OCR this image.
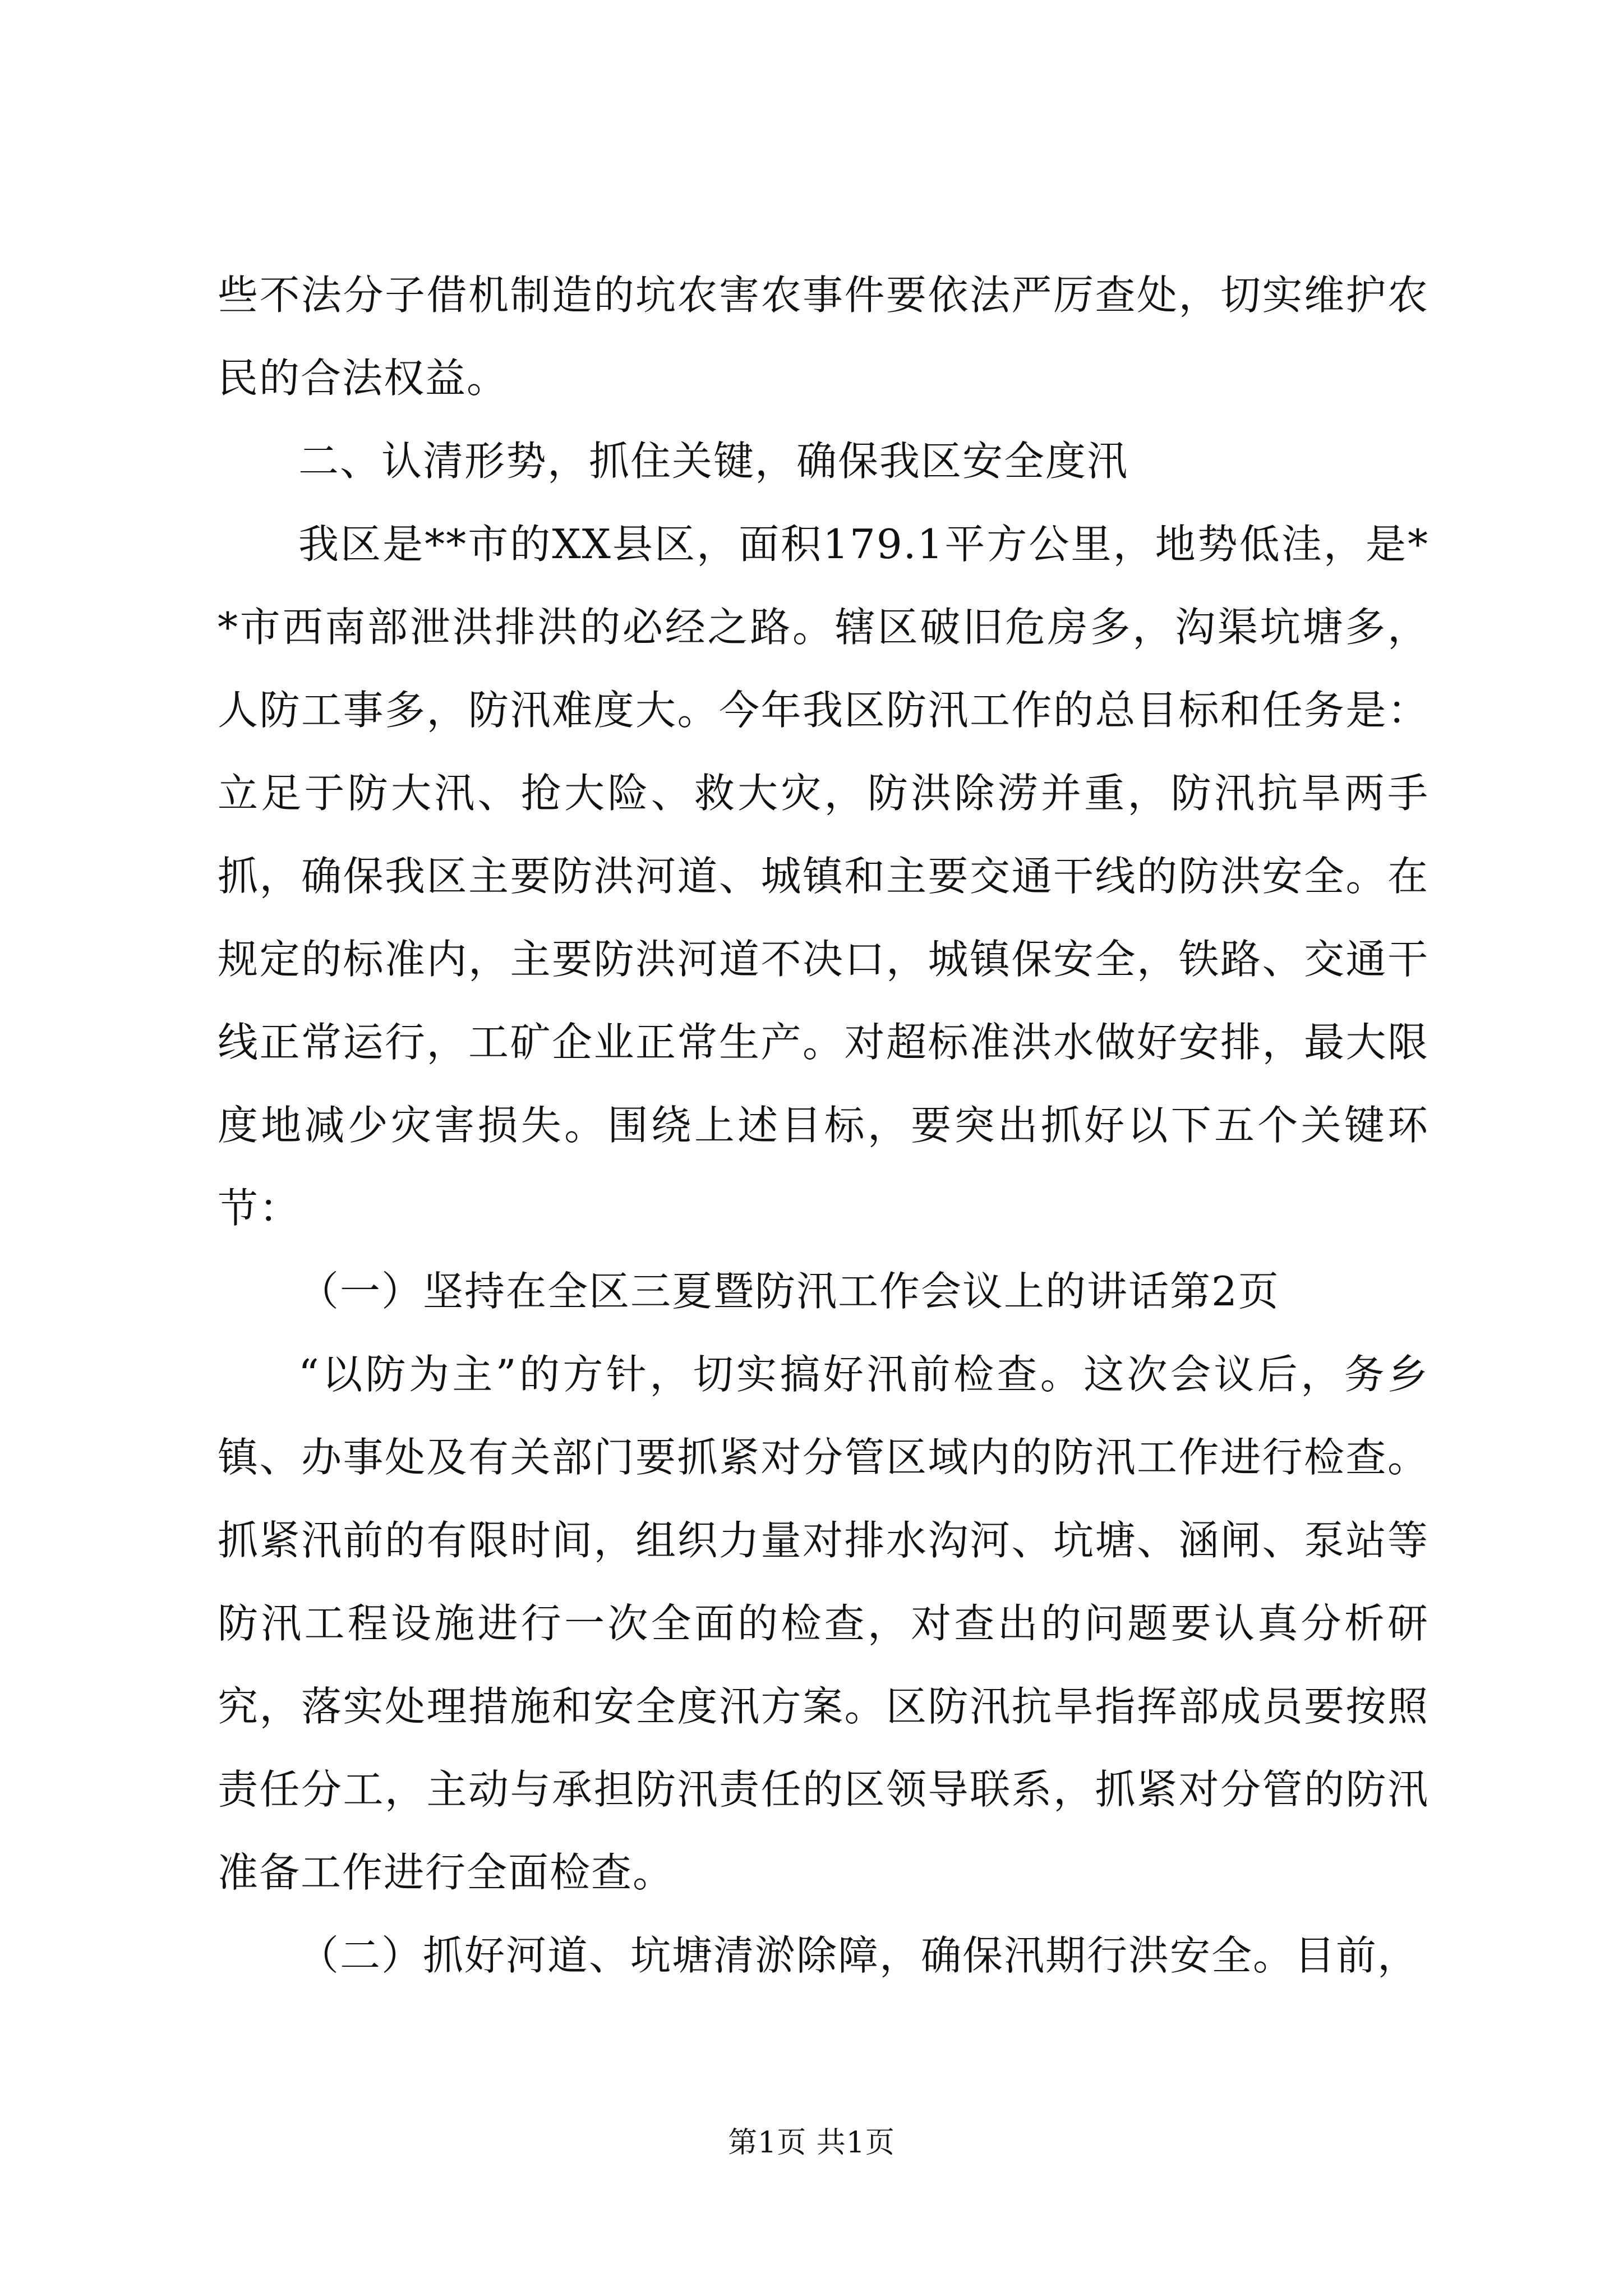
些不法分子借机制造的坑农害农事件要依法严厉查处，切实维护农民的合法权益。

二、认清形势，抓住关键，确保我区安全度汛

我区是**市的XX县区，面积179.1平方公里，地势低洼，是**市西南部泄洪排洪的必经之路。辖区破旧危房多，沟渠坑塘多，人防工事多，防汛难度大。今年我区防汛工作的总目标和任务是：立足于防大汛、抢大险、救大灾，防洪除涝并重，防汛抗旱两手抓，确保我区主要防洪河道、城镇和主要交通干线的防洪安全。在规定的标准内，主要防洪河道不决口，城镇保安全，铁路、交通干线正常运行，工矿企业正常生产。对超标准洪水做好安排，最大限度地减少灾害损失。围绕上述目标，要突出抓好以下五个关键环节：

（一）坚持在全区三夏暨防汛工作会议上的讲话第2页

“以防为主”的方针，切实搞好汛前检查。这次会议后，务乡镇、办事处及有关部门要抓紧对分管区域内的防汛工作进行检查。抓紧汛前的有限时间，组织力量对排水沟河、坑塘、涵闸、泵站等防汛工程设施进行一次全面的检查，对查出的问题要认真分析研究，落实处理措施和安全度汛方案。区防汛抗旱指挥部成员要按照责任分工，主动与承担防汛责任的区领导联系，抓紧对分管的防汛准备工作进行全面检查。

（二）抓好河道、坑塘清淤除障，确保汛期行洪安全。目前，

第1页 共1页
